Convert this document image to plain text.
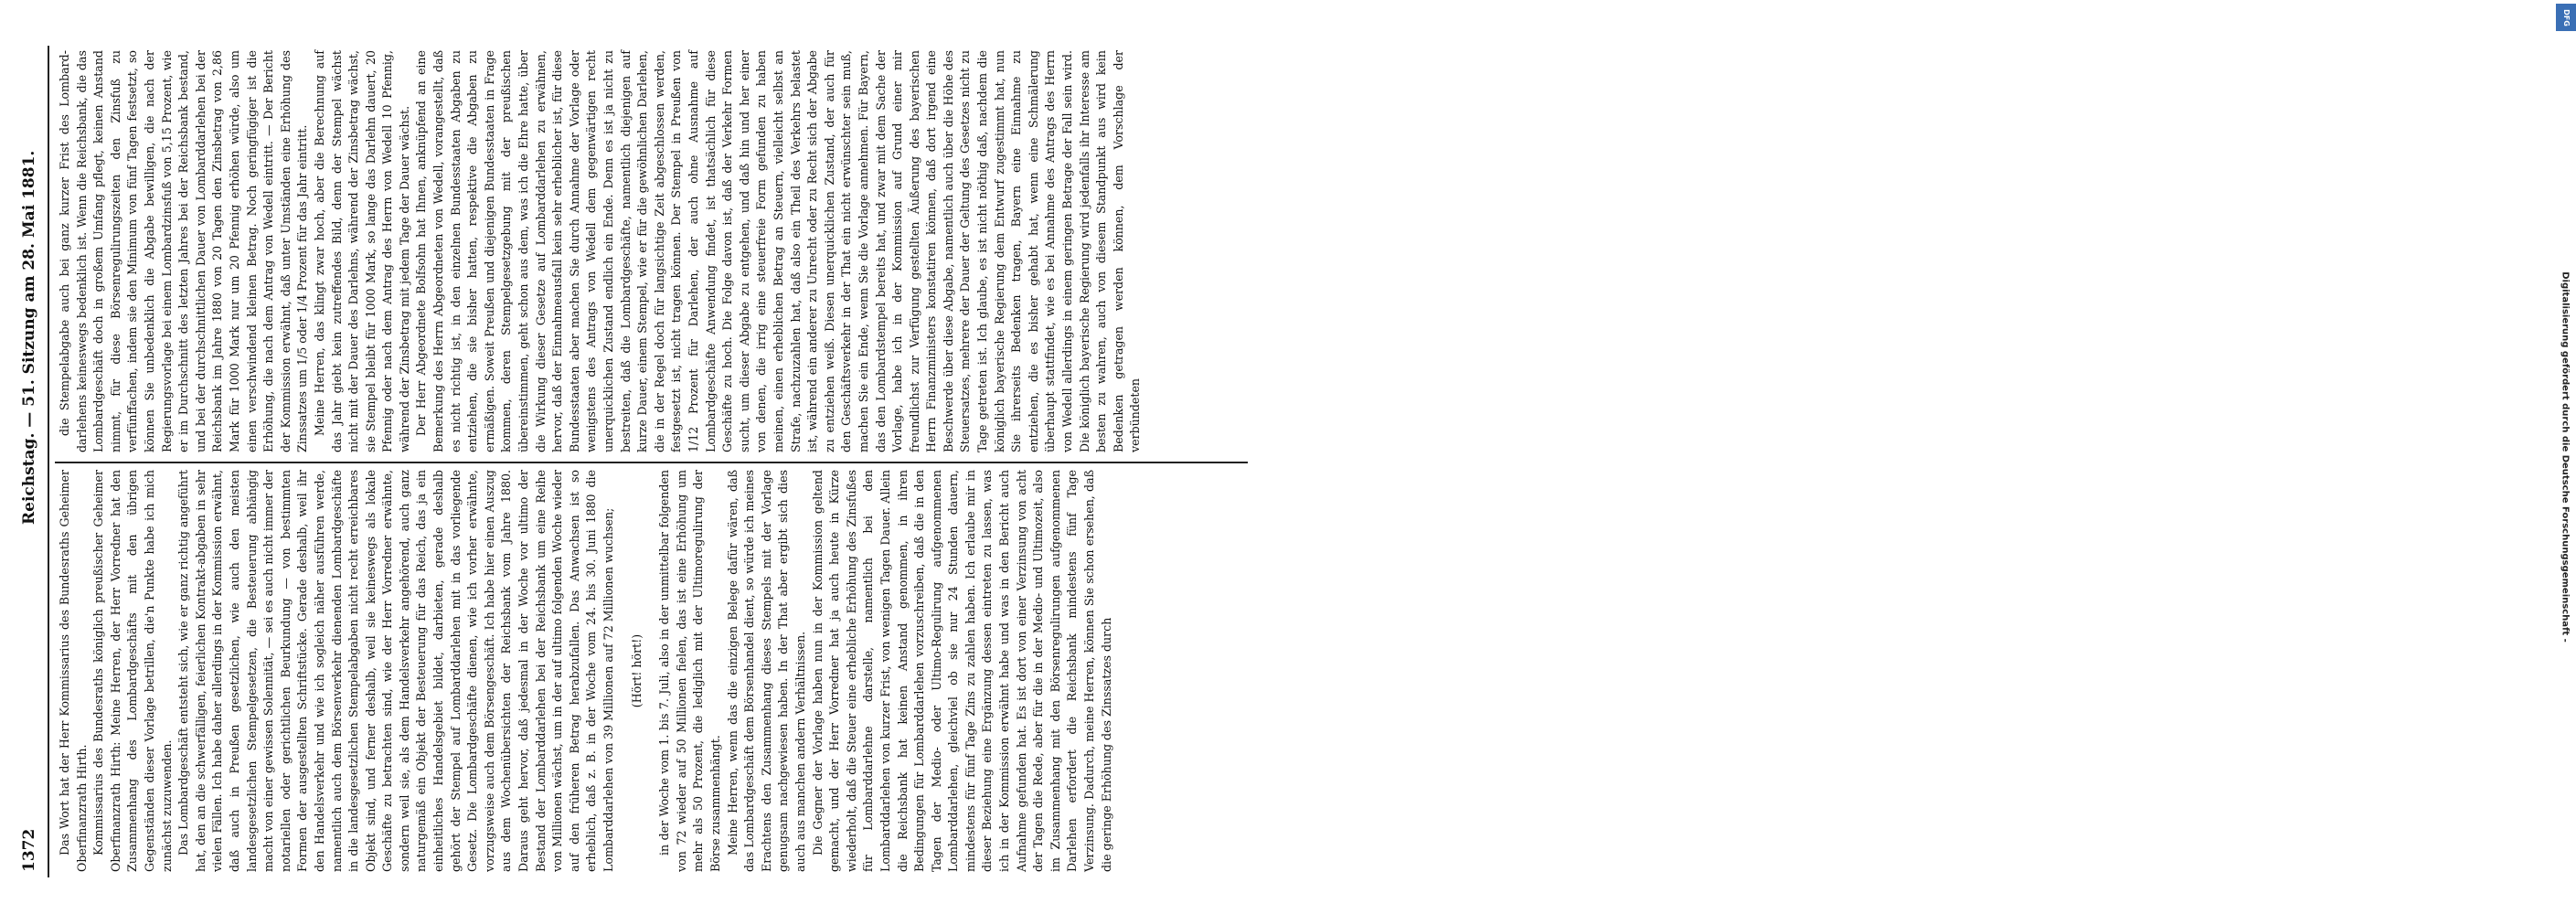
1372
Reichstag. — 51. Sitzung am 28. Mai 1881.

Das Wort hat der Herr Kommissarius des Bundesraths Geheimer Oberfinanzrath Hirth. Kommissarius des Bundesraths königlich preußischer Geheimer Oberfinanzrath Hirth: Meine Herren, der Herr Vorredner hat den Zusammenhang des Lombardgeschäfts mit den übrigen Gegenständen dieser Vorlage betrillen, die'n Punkte habe ich mich zunächst zuzuwenden. Das Lombardgeschäft entsteht sich, wie er ganz richtig angeführt hat, den an die schwerfälligen, feierlichen Kontrakt-abgaben in sehr vielen Fällen. Ich habe daher allerdings in der Kommission erwähnt, daß auch in Preußen gesetzlichen, wie auch den meisten landesgesetzlichen Stempelgesetzen, die Besteuerung abhängig macht von einer gewissen Solennität, — sei es auch nicht immer der notariellen oder gerichtlichen Beurkundung — von bestimmten Formen der ausgestellten Schriftstücke. Gerade deshalb, weil ihr den Handelsverkehr und wie ich sogleich näher ausführen werde, namentlich auch dem Börsenverkehr dienenden Lombardgeschäfte in die landesgesetzlichen Stempelabgaben nicht recht erreichbares Objekt sind, und ferner deshalb, weil sie keineswegs als lokale Geschäfte zu betrachten sind, wie der Herr Vorredner erwähnte, sondern weil sie, als dem Handelsverkehr angehörend, auch ganz naturgemäß ein Objekt der Besteuerung für das Reich, das ja ein einheitliches Handelsgebiet bildet, darbieten, gerade deshalb gehört der Stempel auf Lombarddarlehen mit in das vorliegende Gesetz. Die Lombardgeschäfte dienen, wie ich vorher erwähnte, vorzugsweise auch dem Börsengeschäft. Ich habe hier einen Auszug aus dem Wochenübersichten der Reichsbank vom Jahre 1880. Daraus geht hervor, daß jedesmal in der Woche vor ultimo der Bestand der Lombarddarlehen bei der Reichsbank um eine Reihe von Millionen wächst, um in der auf ultimo folgenden Woche wieder auf den früheren Betrag herabzufallen. Das Anwachsen ist so erheblich, daß z. B. in der Woche vom 24. bis 30. Juni 1880 die Lombarddarlehen von 39 Millionen auf 72 Millionen wuchsen; (Hört! hört!) in der Woche vom 1. bis 7. Juli, also in der unmittelbar folgenden von 72 wieder auf 50 Millionen fielen, das ist eine Erhöhung um mehr als 50 Prozent, die lediglich mit der Ultimoregulirung der Börse zusammenhängt. Meine Herren, wenn das die einzigen Belege dafür wären, daß das Lombardgeschäft dem Börsenhandel dient, so würde ich meines Erachtens den Zusammenhang dieses Stempels mit der Vorlage genugsam nachgewiesen haben. In der That aber ergibt sich dies auch aus manchen andern Verhältnissen. Die Gegner der Vorlage haben nun in der Kommission geltend gemacht, und der Herr Vorredner hat ja auch heute in Kürze wiederholt, daß die Steuer eine erhebliche Erhöhung des Zinsfußes für Lombarddarlehne darstelle, namentlich bei den Lombarddarlehen von kurzer Frist, von wenigen Tagen Dauer. Allein die Reichsbank hat keinen Anstand genommen, in ihren Bedingungen für Lombarddarlehen vorzuschreiben, daß die in den Tagen der Medio- oder Ultimo-Regulirung aufgenommenen Lombarddarlehen, gleichviel ob sie nur 24 Stunden dauern, mindestens für fünf Tage Zins zu zahlen haben. Ich erlaube mir in dieser Beziehung eine Ergänzung dessen eintreten zu lassen, was ich in der Kommission erwähnt habe und was in den Bericht auch Aufnahme gefunden hat. Es ist dort von einer Verzinsung von acht der Tagen die Rede, aber für die in der Medio- und Ultimozeit, also im Zusammenhang mit den Börsenregulirungen aufgenommenen Darlehen erfordert die Reichsbank mindestens fünf Tage Verzinsung. Dadurch, meine Herren, können Sie schon ersehen, daß die geringe Erhöhung des Zinssatzes durch

die Stempelabgabe auch bei ganz kurzer Frist des Lombard-darlehens keineswegs bedenklich ist. Wenn die Reichsbank, die das Lombardgeschäft doch in großem Umfang pflegt, keinen Anstand nimmt, für diese Börsenregulirungszeiten den Zinsfuß zu verfünffachen, indem sie den Minimum von fünf Tagen festsetzt, so können Sie unbedenklich die Abgabe bewilligen, die nach der Regierungsvorlage bei einem Lombardzinsfuß von 5,15 Prozent, wie er im Durchschnitt des letzten Jahres bei der Reichsbank bestand, und bei der durchschnittlichen Dauer von Lombarddarlehen bei der Reichsbank im Jahre 1880 von 20 Tagen den Zinsbetrag von 2,86 Mark für 1000 Mark nur um 20 Pfennig erhöhen würde, also um einen verschwindend kleinen Betrag. Noch geringfügiger ist die Erhöhung, die nach dem Antrag von Wedell eintritt. — Der Bericht der Kommission erwähnt, daß unter Umständen eine Erhöhung des Zinssatzes um 1/5 oder 1/4 Prozent für das Jahr eintritt. Meine Herren, das klingt zwar hoch, aber die Berechnung auf das Jahr giebt kein zutreffendes Bild, denn der Stempel wächst nicht mit der Dauer des Darlehns, während der Zinsbetrag wächst, sie Stempel bleibt für 1000 Mark, so lange das Darlehn dauert, 20 Pfennig oder nach dem Antrag des Herrn von Wedell 10 Pfennig, während der Zinsbetrag mit jedem Tage der Dauer wächst. Der Herr Abgeordnete Bolfsohn hat Ihnen, anknüpfend an eine Bemerkung des Herrn Abgeordneten von Wedell, vorangestellt, daß es nicht richtig ist, in den einzelnen Bundesstaaten Abgaben zu entziehen, die sie bisher hatten, respektive die Abgaben zu ermäßigen. Soweit Preußen und diejenigen Bundesstaaten in Frage kommen, deren Stempelgesetzgebung mit der preußischen übereinstimmen, geht schon aus dem, was ich die Ehre hatte, über die Wirkung dieser Gesetze auf Lombarddarlehen zu erwähnen, hervor, daß der Einnahmeausfall kein sehr erheblicher ist, für diese Bundesstaaten aber machen Sie durch Annahme der Vorlage oder wenigstens des Antrags von Wedell dem gegenwärtigen recht unerquicklichen Zustand endlich ein Ende. Denn es ist ja nicht zu bestreiten, daß die Lombardgeschäfte, namentlich diejenigen auf kurze Dauer, einem Stempel, wie er für die gewöhnlichen Darlehen, die in der Regel doch für langsichtige Zeit abgeschlossen werden, festgesetzt ist, nicht tragen können. Der Stempel in Preußen von 1/12 Prozent für Darlehen, der auch ohne Ausnahme auf Lombardgeschäfte Anwendung findet, ist thatsächlich für diese Geschäfte zu hoch. Die Folge davon ist, daß der Verkehr Formen sucht, um dieser Abgabe zu entgehen, und daß hin und her einer von denen, die irrig eine steuerfreie Form gefunden zu haben meinen, einen erheblichen Betrag an Steuern, vielleicht selbst an Strafe, nachzuzahlen hat, daß also ein Theil des Verkehrs belastet ist, während ein anderer zu Unrecht oder zu Recht sich der Abgabe zu entziehen weiß. Diesen unerquicklichen Zustand, der auch für den Geschäftsverkehr in der That ein nicht erwünschter sein muß, machen Sie ein Ende, wenn Sie die Vorlage annehmen. Für Bayern, das den Lombardstempel bereits hat, und zwar mit dem Sache der Vorlage, habe ich in der Kommission auf Grund einer mir freundlichst zur Verfügung gestellten Äußerung des bayerischen Herrn Finanzministers konstatiren können, daß dort irgend eine Beschwerde über diese Abgabe, namentlich auch über die Höhe des Steuersatzes, mehrere der Dauer der Geltung des Gesetzes nicht zu Tage getreten ist. Ich glaube, es ist nicht nöthig daß, nachdem die königlich bayerische Regierung dem Entwurf zugestimmt hat, nun Sie ihrerseits Bedenken tragen, Bayern eine Einnahme zu entziehen, die es bisher gehabt hat, wenn eine Schmälerung überhaupt stattfindet, wie es bei Annahme des Antrags des Herrn von Wedell allerdings in einem geringen Betrage der Fall sein wird. Die königlich bayerische Regierung wird jedenfalls ihr Interesse am besten zu wahren, auch von diesem Standpunkt aus wird kein Bedenken getragen werden können, dem Vorschlage der verbündeten

DFG
Digitalisierung gefördert durch die Deutsche Forschungsgemeinschaft -
